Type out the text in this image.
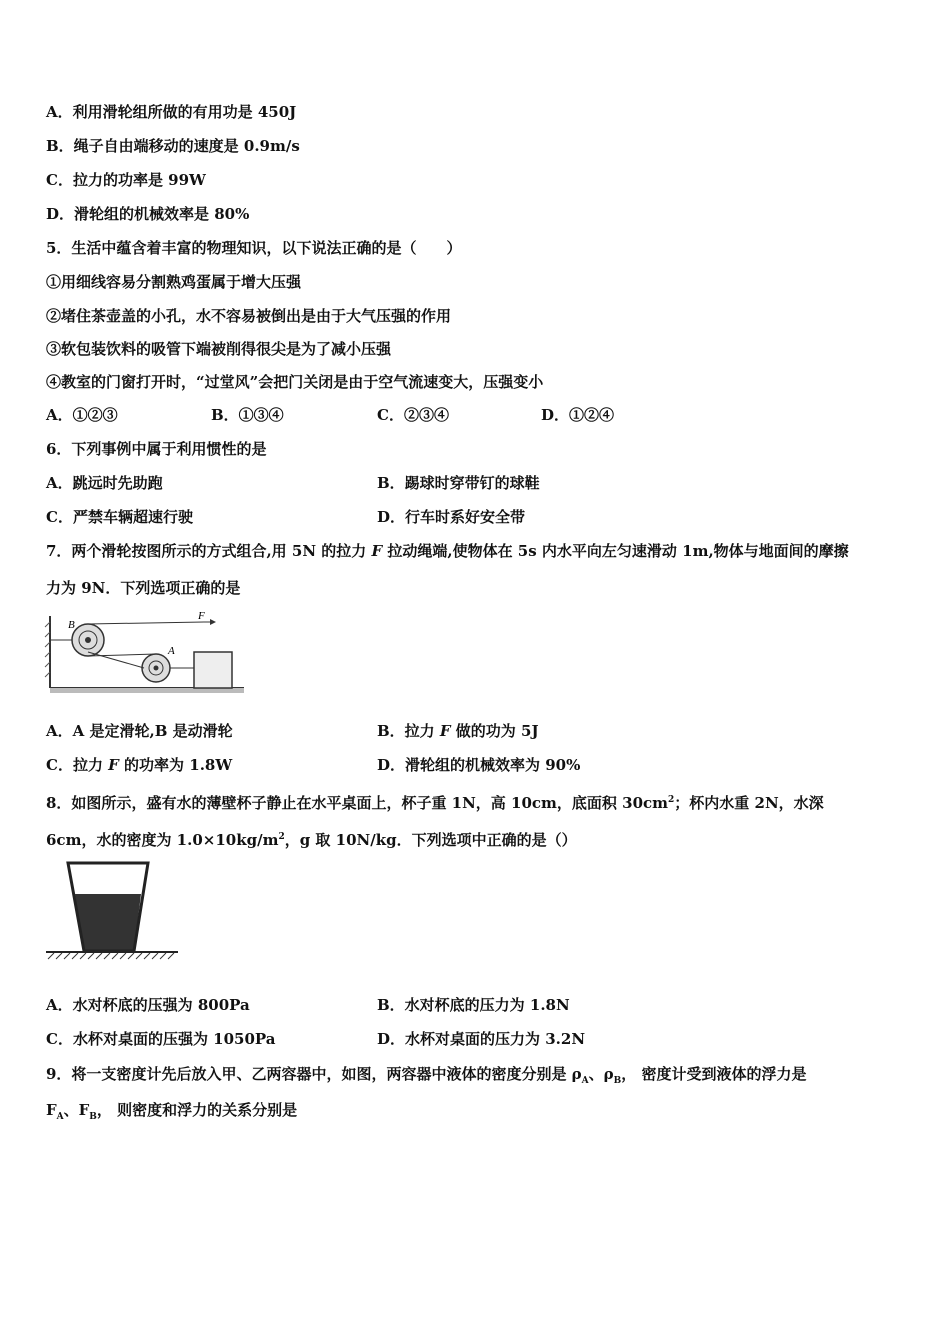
A．利用滑轮组所做的有用功是 450J
B．绳子自由端移动的速度是 0.9m/s
C．拉力的功率是 99W
D．滑轮组的机械效率是 80%
5．生活中蕴含着丰富的物理知识，以下说法正确的是（　　）
①用细线容易分割熟鸡蛋属于增大压强
②堵住茶壶盖的小孔，水不容易被倒出是由于大气压强的作用
③软包装饮料的吸管下端被削得很尖是为了减小压强
④教室的门窗打开时，“过堂风”会把门关闭是由于空气流速变大，压强变小
A．①②③	B．①③④	C．②③④	D．①②④
6．下列事例中属于利用惯性的是
A．跳远时先助跑	B．踢球时穿带钉的球鞋
C．严禁车辆超速行驶	D．行车时系好安全带
7．两个滑轮按图所示的方式组合,用 5N 的拉力 F 拉动绳端,使物体在 5s 内水平向左匀速滑动 1m,物体与地面间的摩擦
力为 9N．下列选项正确的是
B
A
F
A．A 是定滑轮,B 是动滑轮	B．拉力 F 做的功为 5J
C．拉力 F 的功率为 1.8W	D．滑轮组的机械效率为 90%
8．如图所示，盛有水的薄壁杯子静止在水平桌面上，杯子重 1N，高 10cm，底面积 $30cm^2$；杯内水重 2N，水深
6cm，水的密度为 $1.0\times 10kg/m^2$，g 取 10N/kg．下列选项中正确的是（）
A．水对杯底的压强为 800Pa	B．水对杯底的压力为 1.8N
C．水杯对桌面的压强为 1050Pa	D．水杯对桌面的压力为 3.2N
9．将一支密度计先后放入甲、乙两容器中，如图，两容器中液体的密度分别是 $\rho_A$、$\rho_B$， 密度计受到液体的浮力是
$F_A$、$F_B$， 则密度和浮力的关系分别是
